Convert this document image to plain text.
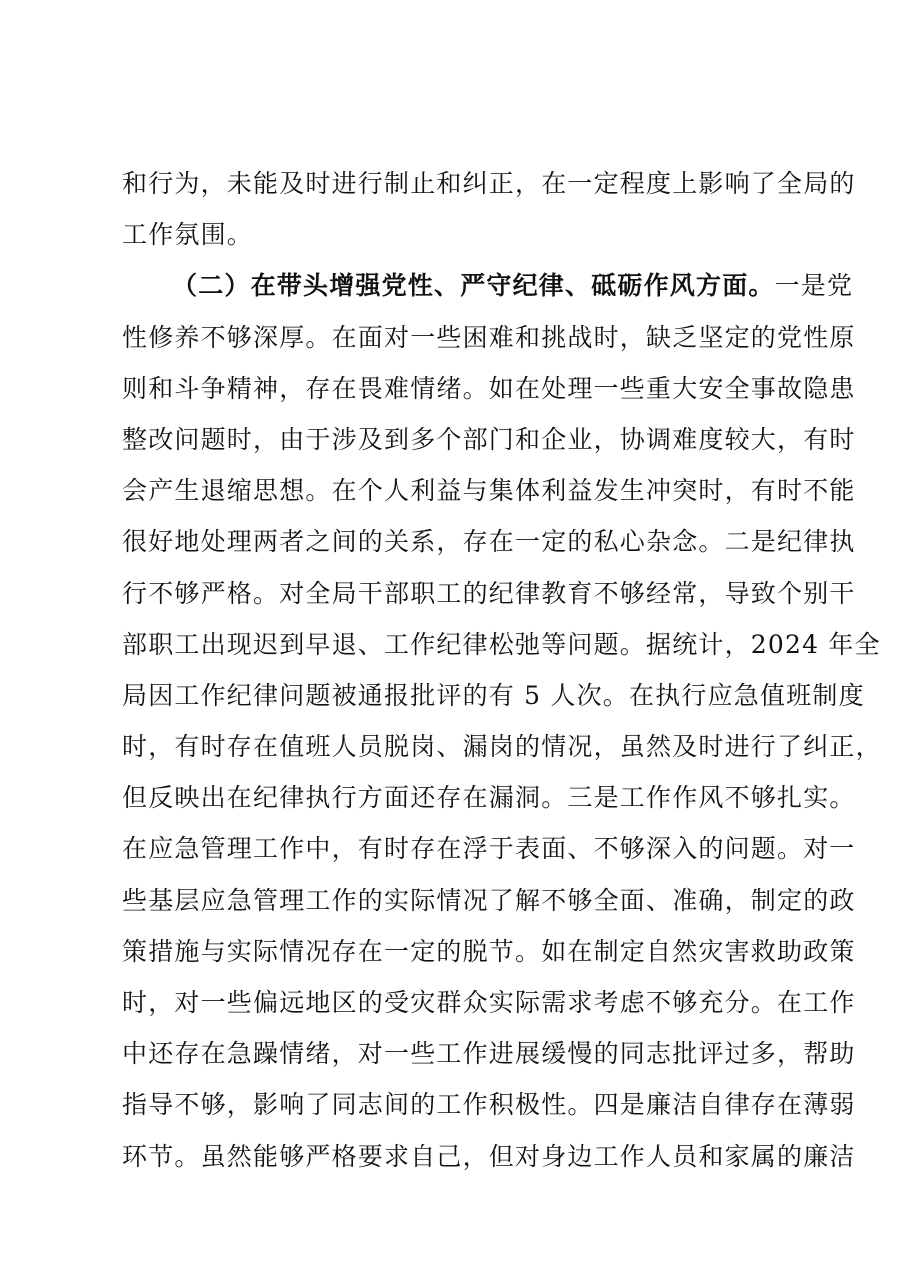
和行为，未能及时进行制止和纠正，在一定程度上影响了全局的
工作氛围。
（二）在带头增强党性、严守纪律、砥砺作风方面。一是党
性修养不够深厚。在面对一些困难和挑战时，缺乏坚定的党性原
则和斗争精神，存在畏难情绪。如在处理一些重大安全事故隐患
整改问题时，由于涉及到多个部门和企业，协调难度较大，有时
会产生退缩思想。在个人利益与集体利益发生冲突时，有时不能
很好地处理两者之间的关系，存在一定的私心杂念。二是纪律执
行不够严格。对全局干部职工的纪律教育不够经常，导致个别干
部职工出现迟到早退、工作纪律松弛等问题。据统计，2024 年全
局因工作纪律问题被通报批评的有 5 人次。在执行应急值班制度
时，有时存在值班人员脱岗、漏岗的情况，虽然及时进行了纠正，
但反映出在纪律执行方面还存在漏洞。三是工作作风不够扎实。
在应急管理工作中，有时存在浮于表面、不够深入的问题。对一
些基层应急管理工作的实际情况了解不够全面、准确，制定的政
策措施与实际情况存在一定的脱节。如在制定自然灾害救助政策
时，对一些偏远地区的受灾群众实际需求考虑不够充分。在工作
中还存在急躁情绪，对一些工作进展缓慢的同志批评过多，帮助
指导不够，影响了同志间的工作积极性。四是廉洁自律存在薄弱
环节。虽然能够严格要求自己，但对身边工作人员和家属的廉洁
